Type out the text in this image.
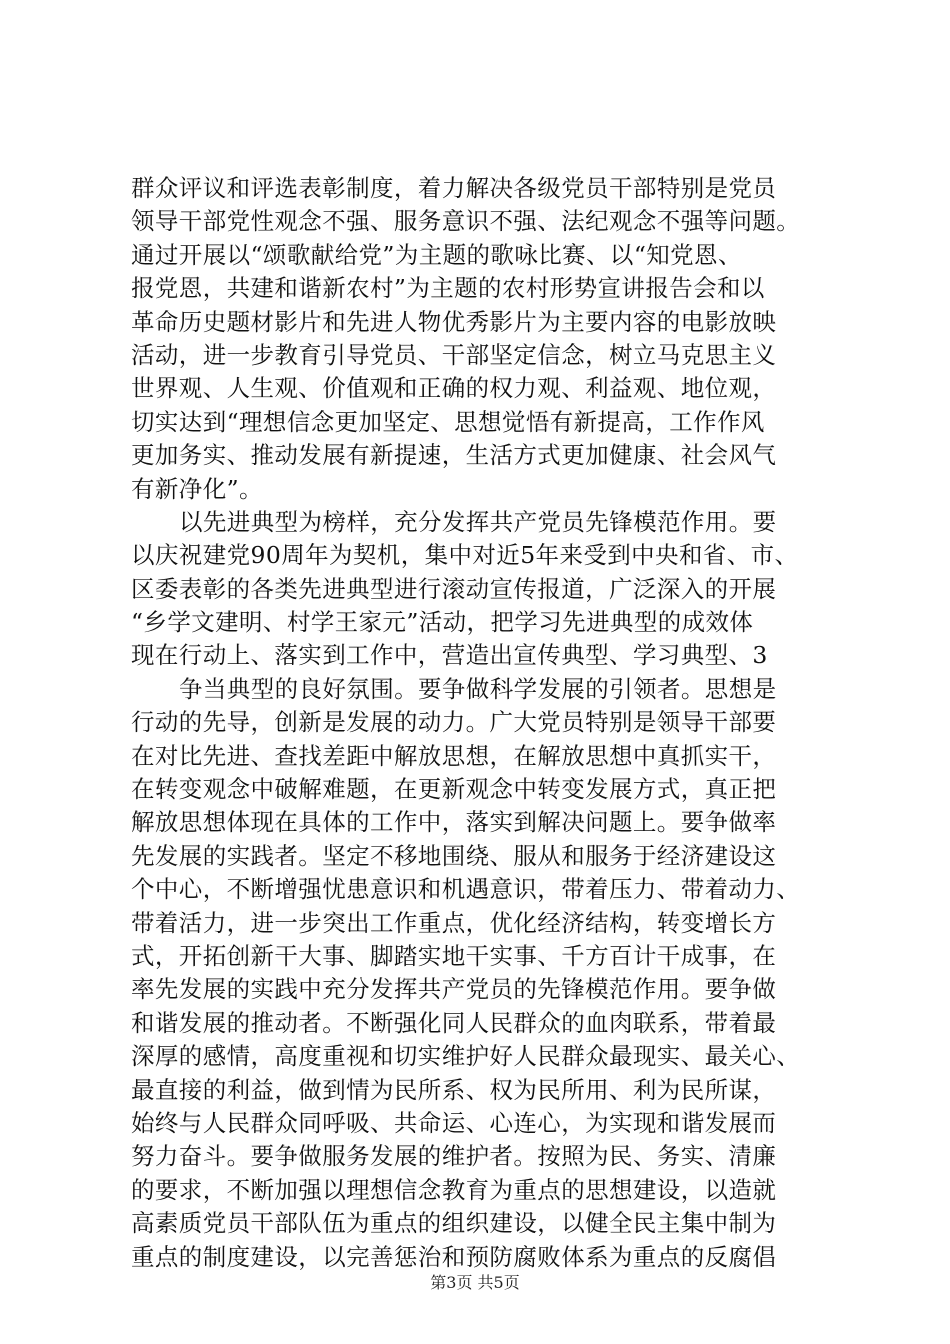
群众评议和评选表彰制度，着力解决各级党员干部特别是党员
领导干部党性观念不强、服务意识不强、法纪观念不强等问题。
通过开展以“颂歌献给党”为主题的歌咏比赛、以“知党恩、
报党恩，共建和谐新农村”为主题的农村形势宣讲报告会和以
革命历史题材影片和先进人物优秀影片为主要内容的电影放映
活动，进一步教育引导党员、干部坚定信念，树立马克思主义
世界观、人生观、价值观和正确的权力观、利益观、地位观，
切实达到“理想信念更加坚定、思想觉悟有新提高，工作作风
更加务实、推动发展有新提速，生活方式更加健康、社会风气
有新净化”。
以先进典型为榜样，充分发挥共产党员先锋模范作用。要
以庆祝建党90周年为契机，集中对近5年来受到中央和省、市、
区委表彰的各类先进典型进行滚动宣传报道，广泛深入的开展
“乡学文建明、村学王家元”活动，把学习先进典型的成效体
现在行动上、落实到工作中，营造出宣传典型、学习典型、3
争当典型的良好氛围。要争做科学发展的引领者。思想是
行动的先导，创新是发展的动力。广大党员特别是领导干部要
在对比先进、查找差距中解放思想，在解放思想中真抓实干，
在转变观念中破解难题，在更新观念中转变发展方式，真正把
解放思想体现在具体的工作中，落实到解决问题上。要争做率
先发展的实践者。坚定不移地围绕、服从和服务于经济建设这
个中心，不断增强忧患意识和机遇意识，带着压力、带着动力、
带着活力，进一步突出工作重点，优化经济结构，转变增长方
式，开拓创新干大事、脚踏实地干实事、千方百计干成事，在
率先发展的实践中充分发挥共产党员的先锋模范作用。要争做
和谐发展的推动者。不断强化同人民群众的血肉联系，带着最
深厚的感情，高度重视和切实维护好人民群众最现实、最关心、
最直接的利益，做到情为民所系、权为民所用、利为民所谋，
始终与人民群众同呼吸、共命运、心连心，为实现和谐发展而
努力奋斗。要争做服务发展的维护者。按照为民、务实、清廉
的要求，不断加强以理想信念教育为重点的思想建设，以造就
高素质党员干部队伍为重点的组织建设，以健全民主集中制为
重点的制度建设，以完善惩治和预防腐败体系为重点的反腐倡
第3页 共5页
